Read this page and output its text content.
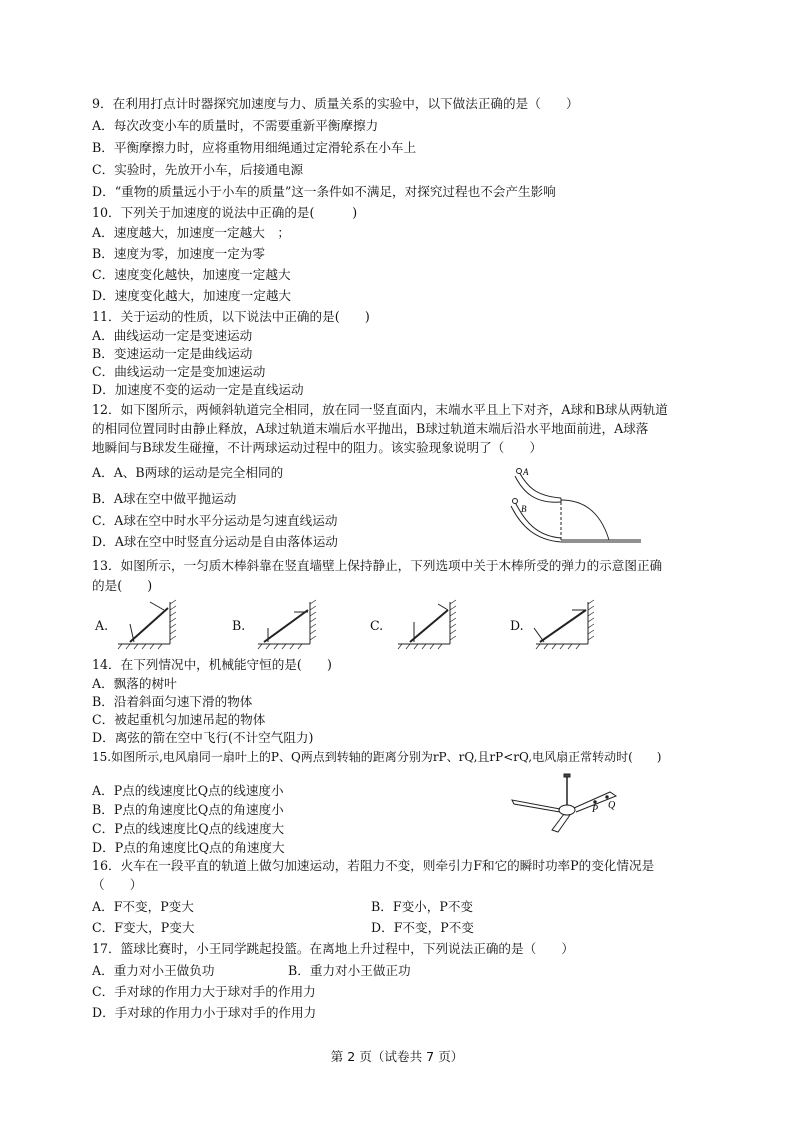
9．在利用打点计时器探究加速度与力、质量关系的实验中，以下做法正确的是（　　）
A．每次改变小车的质量时，不需要重新平衡摩擦力
B．平衡摩擦力时，应将重物用细绳通过定滑轮系在小车上
C．实验时，先放开小车，后接通电源
D．“重物的质量远小于小车的质量”这一条件如不满足，对探究过程也不会产生影响
10．下列关于加速度的说法中正确的是(　　　)
A．速度越大，加速度一定越大　；
B．速度为零，加速度一定为零
C．速度变化越快，加速度一定越大
D．速度变化越大，加速度一定越大
11．关于运动的性质，以下说法中正确的是(　　)
A．曲线运动一定是变速运动
B．变速运动一定是曲线运动
C．曲线运动一定是变加速运动
D．加速度不变的运动一定是直线运动
12．如下图所示，两倾斜轨道完全相同，放在同一竖直面内，末端水平且上下对齐，A球和B球从两轨道
的相同位置同时由静止释放，A球过轨道末端后水平抛出，B球过轨道末端后沿水平地面前进，A球落
地瞬间与B球发生碰撞，不计两球运动过程中的阻力。该实验现象说明了（　　）
A．A、B两球的运动是完全相同的
B．A球在空中做平抛运动
C．A球在空中时水平分运动是匀速直线运动
D．A球在空中时竖直分运动是自由落体运动
A
B
13．如图所示，一匀质木棒斜靠在竖直墙壁上保持静止，下列选项中关于木棒所受的弹力的示意图正确
的是(　　)
A.	B.	C.	D.
14．在下列情况中，机械能守恒的是(　　)
A．飘落的树叶
B．沿着斜面匀速下滑的物体
C．被起重机匀加速吊起的物体
D．离弦的箭在空中飞行(不计空气阻力)
15.如图所示,电风扇同一扇叶上的P、Q两点到转轴的距离分别为rP、rQ,且rP<rQ,电风扇正常转动时(　　)
A．P点的线速度比Q点的线速度小
B．P点的角速度比Q点的角速度小
C．P点的线速度比Q点的线速度大
D．P点的角速度比Q点的角速度大
P Q
16．火车在一段平直的轨道上做匀加速运动，若阻力不变，则牵引力F和它的瞬时功率P的变化情况是
（　　）
A．F不变，P变大	B．F变小，P不变
C．F变大，P变大	D．F不变，P不变
17．篮球比赛时，小王同学跳起投篮。在离地上升过程中，下列说法正确的是（　　）
A．重力对小王做负功	B．重力对小王做正功
C．手对球的作用力大于球对手的作用力
D．手对球的作用力小于球对手的作用力
第 2 页（试卷共 7 页）
